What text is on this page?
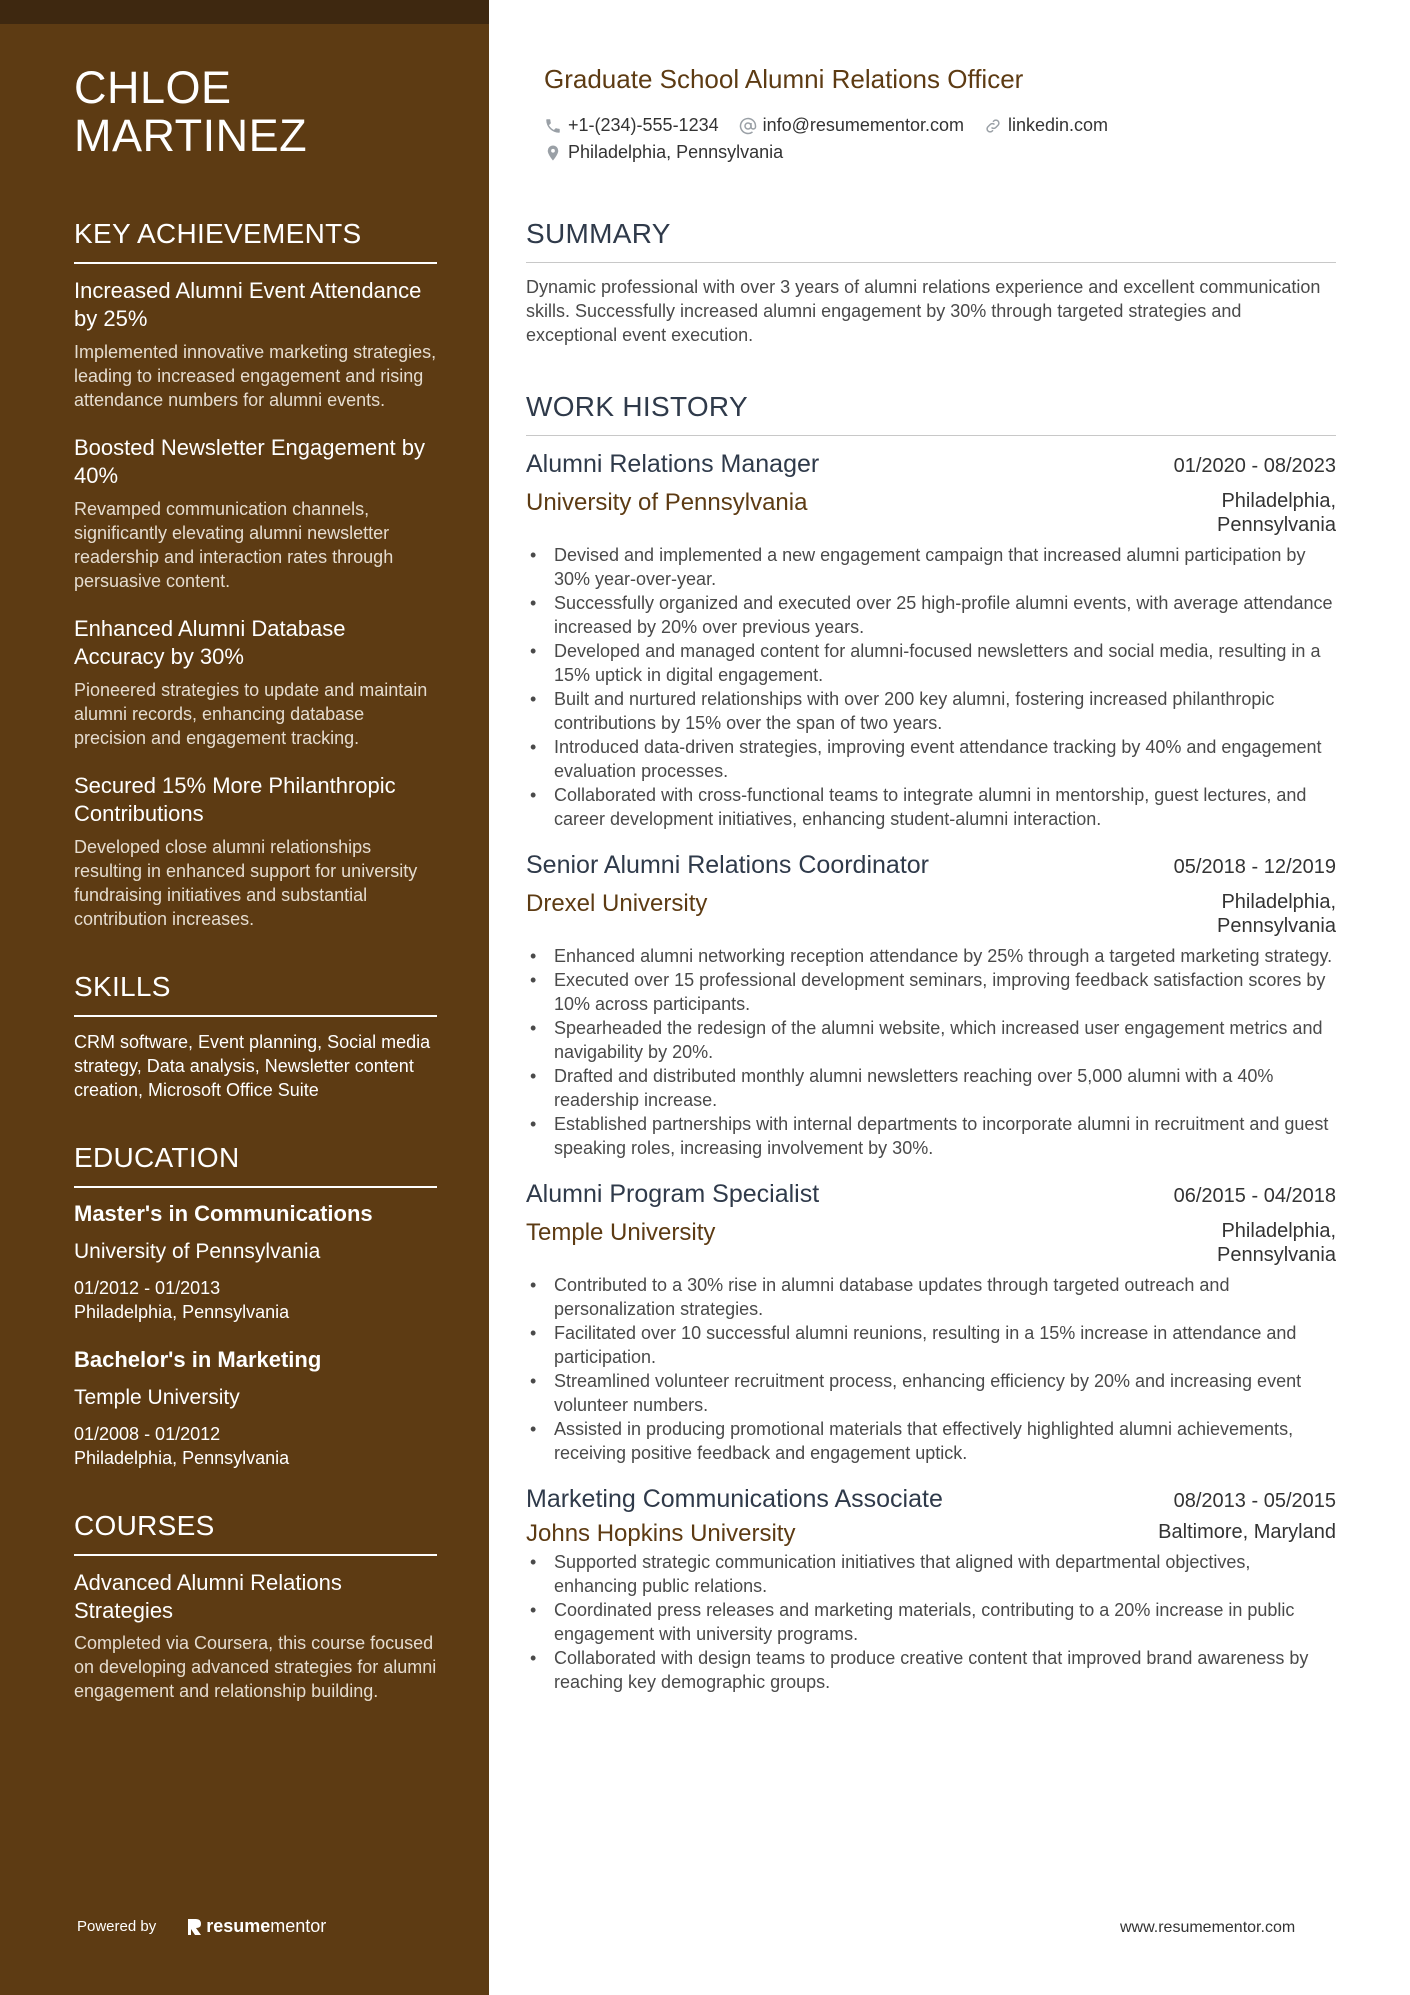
CHLOE MARTINEZ
KEY ACHIEVEMENTS
Increased Alumni Event Attendance by 25%
Implemented innovative marketing strategies, leading to increased engagement and rising attendance numbers for alumni events.
Boosted Newsletter Engagement by 40%
Revamped communication channels, significantly elevating alumni newsletter readership and interaction rates through persuasive content.
Enhanced Alumni Database Accuracy by 30%
Pioneered strategies to update and maintain alumni records, enhancing database precision and engagement tracking.
Secured 15% More Philanthropic Contributions
Developed close alumni relationships resulting in enhanced support for university fundraising initiatives and substantial contribution increases.
SKILLS
CRM software, Event planning, Social media strategy, Data analysis, Newsletter content creation, Microsoft Office Suite
EDUCATION
Master's in Communications
University of Pennsylvania
01/2012 - 01/2013
Philadelphia, Pennsylvania
Bachelor's in Marketing
Temple University
01/2008 - 01/2012
Philadelphia, Pennsylvania
COURSES
Advanced Alumni Relations Strategies
Completed via Coursera, this course focused on developing advanced strategies for alumni engagement and relationship building.
Powered by	resumementor
Graduate School Alumni Relations Officer
+1-(234)-555-1234 info@resumementor.com linkedin.com
Philadelphia, Pennsylvania
SUMMARY
Dynamic professional with over 3 years of alumni relations experience and excellent communication skills. Successfully increased alumni engagement by 30% through targeted strategies and exceptional event execution.
WORK HISTORY
Alumni Relations Manager	01/2020 - 08/2023
University of Pennsylvania	Philadelphia, Pennsylvania
• Devised and implemented a new engagement campaign that increased alumni participation by 30% year-over-year.
• Successfully organized and executed over 25 high-profile alumni events, with average attendance increased by 20% over previous years.
• Developed and managed content for alumni-focused newsletters and social media, resulting in a 15% uptick in digital engagement.
• Built and nurtured relationships with over 200 key alumni, fostering increased philanthropic contributions by 15% over the span of two years.
• Introduced data-driven strategies, improving event attendance tracking by 40% and engagement evaluation processes.
• Collaborated with cross-functional teams to integrate alumni in mentorship, guest lectures, and career development initiatives, enhancing student-alumni interaction.
Senior Alumni Relations Coordinator	05/2018 - 12/2019
Drexel University	Philadelphia, Pennsylvania
• Enhanced alumni networking reception attendance by 25% through a targeted marketing strategy.
• Executed over 15 professional development seminars, improving feedback satisfaction scores by 10% across participants.
• Spearheaded the redesign of the alumni website, which increased user engagement metrics and navigability by 20%.
• Drafted and distributed monthly alumni newsletters reaching over 5,000 alumni with a 40% readership increase.
• Established partnerships with internal departments to incorporate alumni in recruitment and guest speaking roles, increasing involvement by 30%.
Alumni Program Specialist	06/2015 - 04/2018
Temple University	Philadelphia, Pennsylvania
• Contributed to a 30% rise in alumni database updates through targeted outreach and personalization strategies.
• Facilitated over 10 successful alumni reunions, resulting in a 15% increase in attendance and participation.
• Streamlined volunteer recruitment process, enhancing efficiency by 20% and increasing event volunteer numbers.
• Assisted in producing promotional materials that effectively highlighted alumni achievements, receiving positive feedback and engagement uptick.
Marketing Communications Associate	08/2013 - 05/2015
Johns Hopkins University	Baltimore, Maryland
• Supported strategic communication initiatives that aligned with departmental objectives, enhancing public relations.
• Coordinated press releases and marketing materials, contributing to a 20% increase in public engagement with university programs.
• Collaborated with design teams to produce creative content that improved brand awareness by reaching key demographic groups.
www.resumementor.com
